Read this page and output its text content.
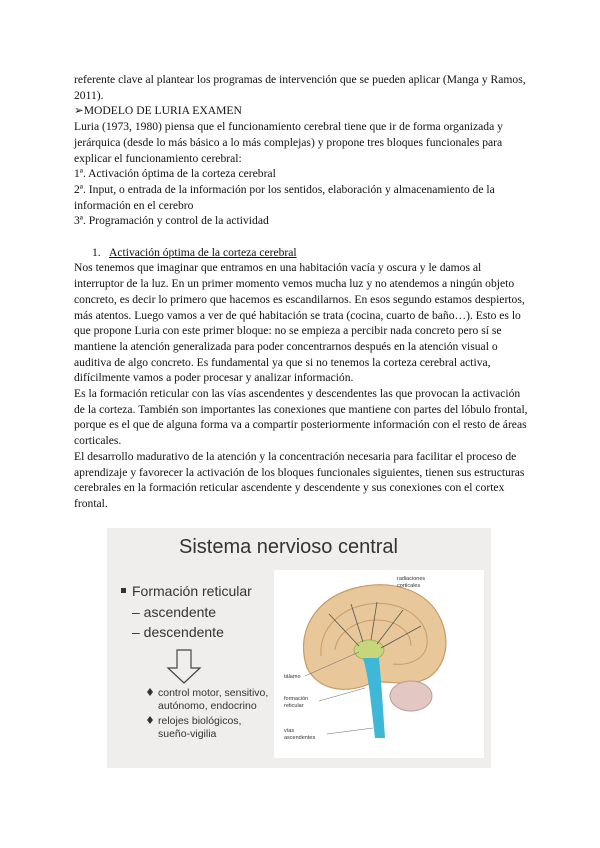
referente clave al plantear los programas de intervención que se pueden aplicar (Manga y Ramos, 2011).

➢MODELO DE LURIA EXAMEN

Luria (1973, 1980) piensa que el funcionamiento cerebral tiene que ir de forma organizada y jerárquica (desde lo más básico a lo más complejas) y propone tres bloques funcionales para explicar el funcionamiento cerebral:

1ª. Activación óptima de la corteza cerebral

2ª. Input, o entrada de la información por los sentidos, elaboración y almacenamiento de la información en el cerebro

3ª. Programación y control de la actividad

1. Activación óptima de la corteza cerebral

Nos tenemos que imaginar que entramos en una habitación vacía y oscura y le damos al interruptor de la luz. En un primer momento vemos mucha luz y no atendemos a ningún objeto concreto, es decir lo primero que hacemos es escandilarnos. En esos segundo estamos despiertos, más atentos. Luego vamos a ver de qué habitación se trata (cocina, cuarto de baño…). Esto es lo que propone Luria con este primer bloque: no se empieza a percibir nada concreto pero sí se mantiene la atención generalizada para poder concentrarnos después en la atención visual o auditiva de algo concreto. Es fundamental ya que si no tenemos la corteza cerebral activa, difícilmente vamos a poder procesar y analizar información.

Es la formación reticular con las vías ascendentes y descendentes las que provocan la activación de la corteza. También son importantes las conexiones que mantiene con partes del lóbulo frontal, porque es el que de alguna forma va a compartir posteriormente información con el resto de áreas corticales.

El desarrollo madurativo de la atención y la concentración necesaria para facilitar el proceso de aprendizaje y favorecer la activación de los bloques funcionales siguientes, tienen sus estructuras cerebrales en la formación reticular ascendente y descendente y sus conexiones con el cortex frontal.

Sistema nervioso central
Formación reticular
– ascendente
– descendente
control motor, sensitivo,
autónomo, endocrino
relojes biológicos,
sueño-vigilia
radiaciones
corticales
tálamo
formación
reticular
vías
ascendentes
